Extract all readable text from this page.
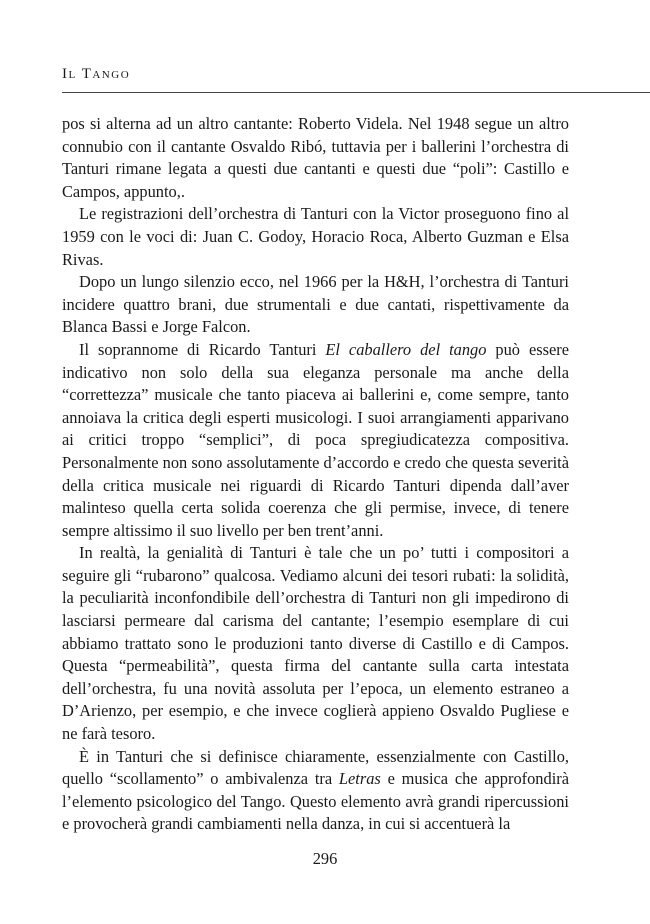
Il Tango

pos si alterna ad un altro cantante: Roberto Videla. Nel 1948 segue un altro connubio con il cantante Osvaldo Ribó, tuttavia per i ballerini l’orchestra di Tanturi rimane legata a questi due cantanti e questi due “poli”: Castillo e Campos, appunto,.

Le registrazioni dell’orchestra di Tanturi con la Victor proseguono fino al 1959 con le voci di: Juan C. Godoy, Horacio Roca, Alberto Guzman e Elsa Rivas.

Dopo un lungo silenzio ecco, nel 1966 per la H&H, l’orchestra di Tanturi incidere quattro brani, due strumentali e due cantati, rispettivamente da Blanca Bassi e Jorge Falcon.

Il soprannome di Ricardo Tanturi El caballero del tango può essere indicativo non solo della sua eleganza personale ma anche della “correttezza” musicale che tanto piaceva ai ballerini e, come sempre, tanto annoiava la critica degli esperti musicologi. I suoi arrangiamenti apparivano ai critici troppo “semplici”, di poca spregiudicatezza compositiva. Personalmente non sono assolutamente d’accordo e credo che questa severità della critica musicale nei riguardi di Ricardo Tanturi dipenda dall’aver malinteso quella certa solida coerenza che gli permise, invece, di tenere sempre altissimo il suo livello per ben trent’anni.

In realtà, la genialità di Tanturi è tale che un po’ tutti i compositori a seguire gli “rubarono” qualcosa. Vediamo alcuni dei tesori rubati: la solidità, la peculiarità inconfondibile dell’orchestra di Tanturi non gli impedirono di lasciarsi permeare dal carisma del cantante; l’esempio esemplare di cui abbiamo trattato sono le produzioni tanto diverse di Castillo e di Campos. Questa “permeabilità”, questa firma del cantante sulla carta intestata dell’orchestra, fu una novità assoluta per l’epoca, un elemento estraneo a D’Arienzo, per esempio, e che invece coglierà appieno Osvaldo Pugliese e ne farà tesoro.

È in Tanturi che si definisce chiaramente, essenzialmente con Castillo, quello “scollamento” o ambivalenza tra Letras e musica che approfondirà l’elemento psicologico del Tango. Questo elemento avrà grandi ripercussioni e provocherà grandi cambiamenti nella danza, in cui si accentuerà la

296
